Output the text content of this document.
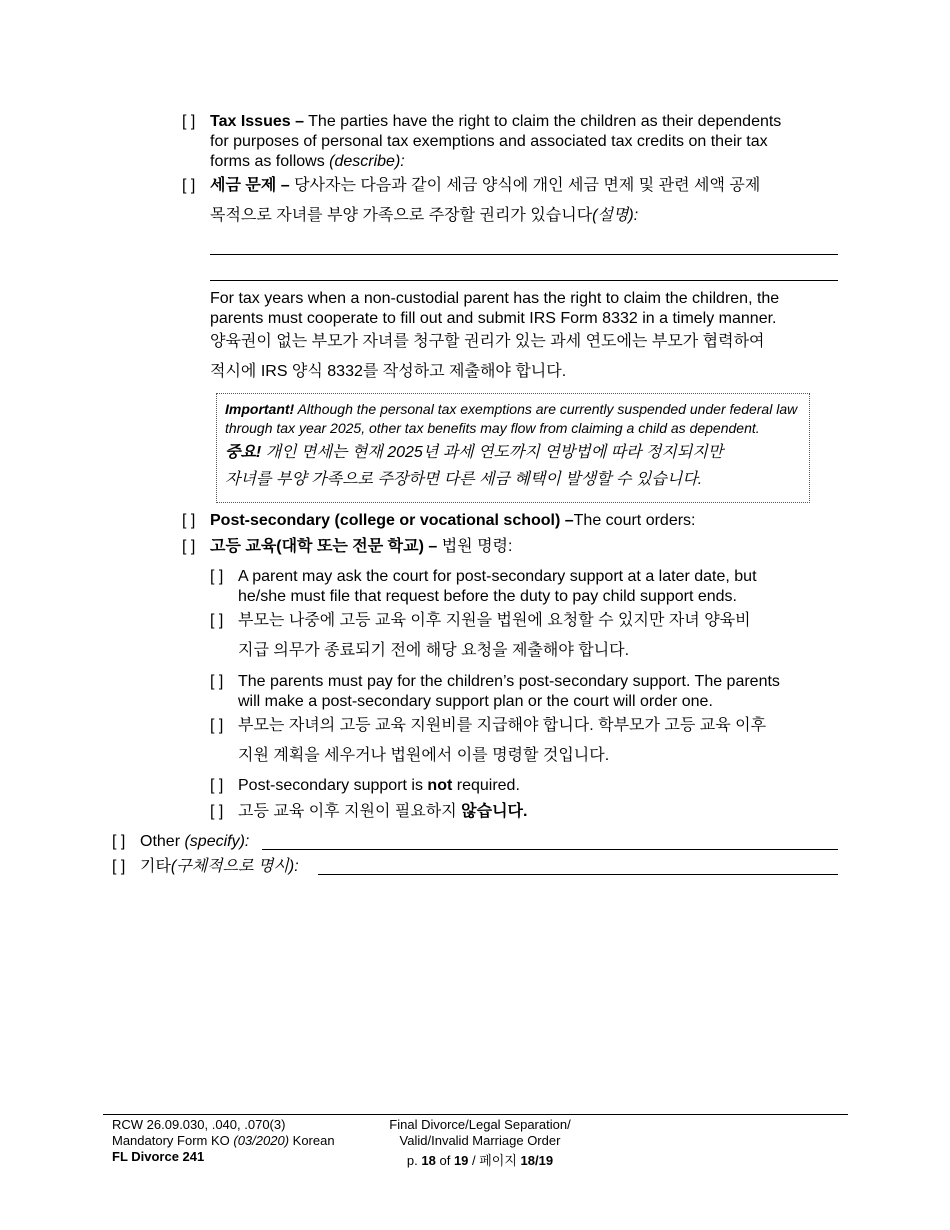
[ ] Tax Issues – The parties have the right to claim the children as their dependents
for purposes of personal tax exemptions and associated tax credits on their tax
forms as follows (describe):
[ ] 세금 문제 – 당사자는 다음과 같이 세금 양식에 개인 세금 면제 및 관련 세액 공제
목적으로 자녀를 부양 가족으로 주장할 권리가 있습니다(설명):
For tax years when a non-custodial parent has the right to claim the children, the
parents must cooperate to fill out and submit IRS Form 8332 in a timely manner.
양육권이 없는 부모가 자녀를 청구할 권리가 있는 과세 연도에는 부모가 협력하여
적시에 IRS 양식 8332를 작성하고 제출해야 합니다.
Important! Although the personal tax exemptions are currently suspended under federal law
through tax year 2025, other tax benefits may flow from claiming a child as dependent.
중요! 개인 면세는 현재 2025년 과세 연도까지 연방법에 따라 정지되지만
자녀를 부양 가족으로 주장하면 다른 세금 혜택이 발생할 수 있습니다.
[ ] Post-secondary (college or vocational school) –The court orders:
[ ] 고등 교육(대학 또는 전문 학교) – 법원 명령:
[ ] A parent may ask the court for post-secondary support at a later date, but
he/she must file that request before the duty to pay child support ends.
[ ] 부모는 나중에 고등 교육 이후 지원을 법원에 요청할 수 있지만 자녀 양육비
지급 의무가 종료되기 전에 해당 요청을 제출해야 합니다.
[ ] The parents must pay for the children’s post-secondary support. The parents
will make a post-secondary support plan or the court will order one.
[ ] 부모는 자녀의 고등 교육 지원비를 지급해야 합니다. 학부모가 고등 교육 이후
지원 계획을 세우거나 법원에서 이를 명령할 것입니다.
[ ] Post-secondary support is not required.
[ ] 고등 교육 이후 지원이 필요하지 않습니다.
[ ] Other (specify):
[ ] 기타(구체적으로 명시):
RCW 26.09.030, .040, .070(3)
Mandatory Form KO (03/2020) Korean
FL Divorce 241
Final Divorce/Legal Separation/
Valid/Invalid Marriage Order
p. 18 of 19 / 페이지 18/19
